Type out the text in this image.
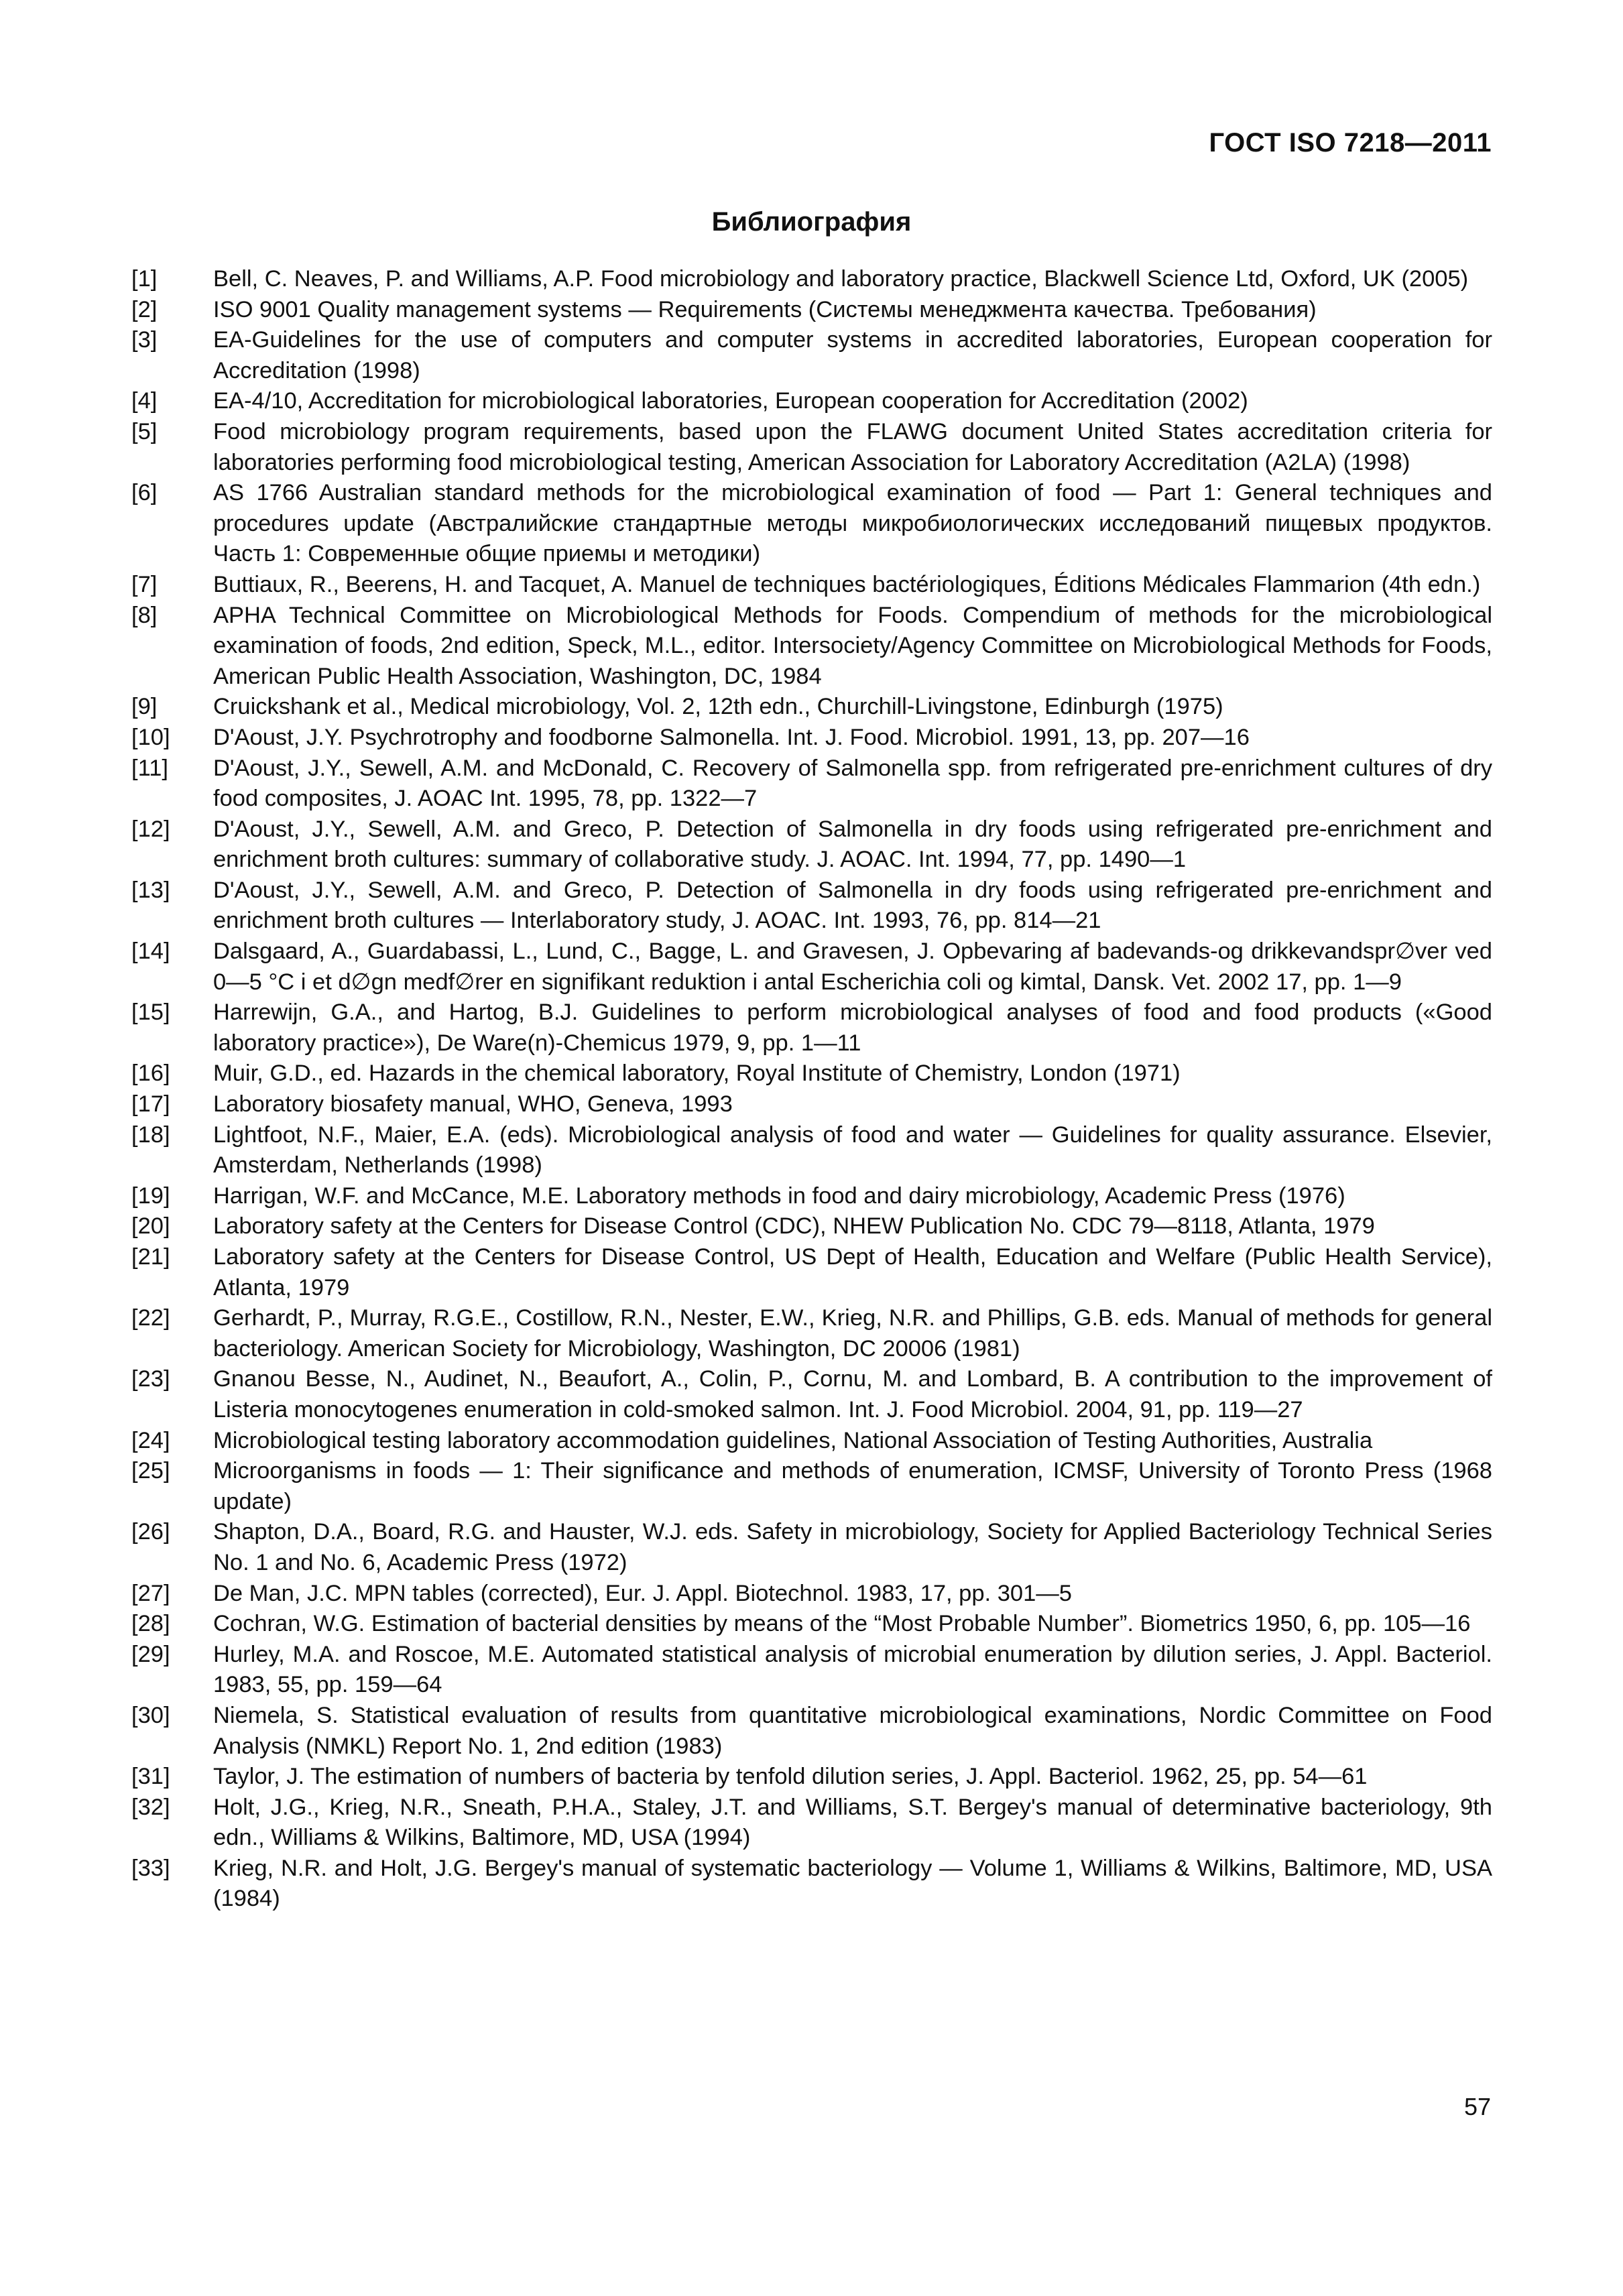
ГОСТ ISO 7218—2011
Библиография
[1]	Bell, C. Neaves, P. and Williams, A.P. Food microbiology and laboratory practice, Blackwell Science Ltd, Oxford, UK (2005)

[2]	ISO 9001 Quality management systems — Requirements (Системы менеджмента качества. Требования)

[3]	EA-Guidelines for the use of computers and computer systems in accredited laboratories, European cooperation for Accreditation (1998)

[4]	EA-4/10, Accreditation for microbiological laboratories, European cooperation for Accreditation (2002)

[5]	Food microbiology program requirements, based upon the FLAWG document United States accreditation criteria for laboratories performing food microbiological testing, American Association for Laboratory Accreditation (A2LA) (1998)

[6]	AS 1766 Australian standard methods for the microbiological examination of food — Part 1: General techniques and procedures update (Австралийские стандартные методы микробиологических исследований пищевых продуктов. Часть 1: Современные общие приемы и методики)

[7]	Buttiaux, R., Beerens, H. and Tacquet, A. Manuel de techniques bactériologiques, Éditions Médicales Flammarion (4th edn.)

[8]	APHA Technical Committee on Microbiological Methods for Foods. Compendium of methods for the microbiological examination of foods, 2nd edition, Speck, M.L., editor. Intersociety/Agency Committee on Microbiological Methods for Foods, American Public Health Association, Washington, DC, 1984

[9]	Cruickshank et al., Medical microbiology, Vol. 2, 12th edn., Churchill-Livingstone, Edinburgh (1975)

[10]	D'Aoust, J.Y. Psychrotrophy and foodborne Salmonella. Int. J. Food. Microbiol. 1991, 13, pp. 207—16

[11]	D'Aoust, J.Y., Sewell, A.M. and McDonald, C. Recovery of Salmonella spp. from refrigerated pre-enrichment cultures of dry food composites, J. AOAC Int. 1995, 78, pp. 1322—7

[12]	D'Aoust, J.Y., Sewell, A.M. and Greco, P. Detection of Salmonella in dry foods using refrigerated pre-enrichment and enrichment broth cultures: summary of collaborative study. J. AOAC. Int. 1994, 77, pp. 1490—1

[13]	D'Aoust, J.Y., Sewell, A.M. and Greco, P. Detection of Salmonella in dry foods using refrigerated pre-enrichment and enrichment broth cultures — Interlaboratory study, J. AOAC. Int. 1993, 76, pp. 814—21

[14]	Dalsgaard, A., Guardabassi, L., Lund, C., Bagge, L. and Gravesen, J. Opbevaring af badevands-og drikkevandspr∅ver ved 0—5 °C i et d∅gn medf∅rer en signifikant reduktion i antal Escherichia coli og kimtal, Dansk. Vet. 2002 17, pp. 1—9

[15]	Harrewijn, G.A., and Hartog, B.J. Guidelines to perform microbiological analyses of food and food products («Good laboratory practice»), De Ware(n)-Chemicus 1979, 9, pp. 1—11

[16]	Muir, G.D., ed. Hazards in the chemical laboratory, Royal Institute of Chemistry, London (1971)

[17]	Laboratory biosafety manual, WHO, Geneva, 1993

[18]	Lightfoot, N.F., Maier, E.A. (eds). Microbiological analysis of food and water — Guidelines for quality assurance. Elsevier, Amsterdam, Netherlands (1998)

[19]	Harrigan, W.F. and McCance, M.E. Laboratory methods in food and dairy microbiology, Academic Press (1976)

[20]	Laboratory safety at the Centers for Disease Control (CDC), NHEW Publication No. CDC 79—8118, Atlanta, 1979

[21]	Laboratory safety at the Centers for Disease Control, US Dept of Health, Education and Welfare (Public Health Service), Atlanta, 1979

[22]	Gerhardt, P., Murray, R.G.E., Costillow, R.N., Nester, E.W., Krieg, N.R. and Phillips, G.B. eds. Manual of methods for general bacteriology. American Society for Microbiology, Washington, DC 20006 (1981)

[23]	Gnanou Besse, N., Audinet, N., Beaufort, A., Colin, P., Cornu, M. and Lombard, B. A contribution to the improvement of Listeria monocytogenes enumeration in cold-smoked salmon. Int. J. Food Microbiol. 2004, 91, pp. 119—27

[24]	Microbiological testing laboratory accommodation guidelines, National Association of Testing Authorities, Australia

[25]	Microorganisms in foods — 1: Their significance and methods of enumeration, ICMSF, University of Toronto Press (1968 update)

[26]	Shapton, D.A., Board, R.G. and Hauster, W.J. eds. Safety in microbiology, Society for Applied Bacteriology Technical Series No. 1 and No. 6, Academic Press (1972)

[27]	De Man, J.C. MPN tables (corrected), Eur. J. Appl. Biotechnol. 1983, 17, pp. 301—5

[28]	Cochran, W.G. Estimation of bacterial densities by means of the “Most Probable Number”. Biometrics 1950, 6, pp. 105—16

[29]	Hurley, M.A. and Roscoe, M.E. Automated statistical analysis of microbial enumeration by dilution series, J. Appl. Bacteriol. 1983, 55, pp. 159—64

[30]	Niemela, S. Statistical evaluation of results from quantitative microbiological examinations, Nordic Committee on Food Analysis (NMKL) Report No. 1, 2nd edition (1983)

[31]	Taylor, J. The estimation of numbers of bacteria by tenfold dilution series, J. Appl. Bacteriol. 1962, 25, pp. 54—61

[32]	Holt, J.G., Krieg, N.R., Sneath, P.H.A., Staley, J.T. and Williams, S.T. Bergey's manual of determinative bacteriology, 9th edn., Williams & Wilkins, Baltimore, MD, USA (1994)

[33]	Krieg, N.R. and Holt, J.G. Bergey's manual of systematic bacteriology — Volume 1, Williams & Wilkins, Baltimore, MD, USA (1984)

57
